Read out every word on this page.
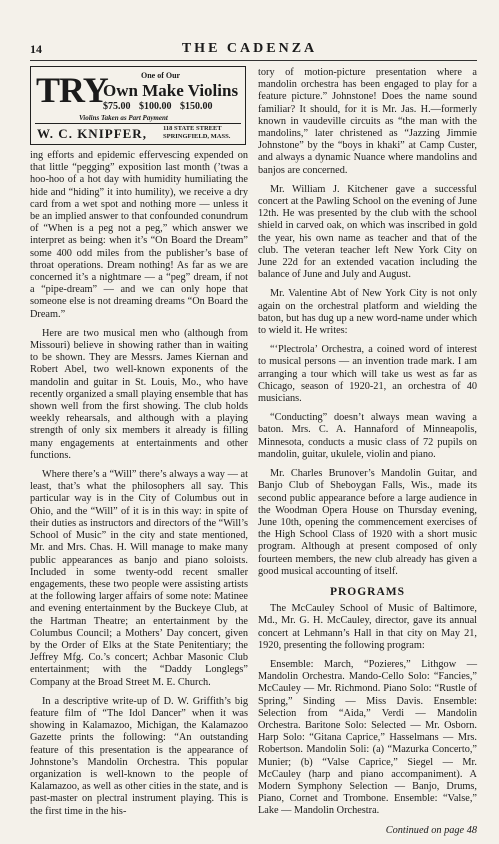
14	THE CADENZA
TRY	One of Our
Own Make Violins
$75.00 $100.00 $150.00
Violins Taken as Part Payment
W. C. KNIPFER, 118 STATE STREET
SPRINGFIELD, MASS.

ing efforts and epidemic effervescing expended on that little “pegging” exposition last month (’twas a hoo-hoo of a hot day with humidity humiliating the hide and “hiding” it into humility), we receive a dry card from a wet spot and nothing more — unless it be an implied answer to that confounded conundrum of “When is a peg not a peg,” which answer we interpret as being: when it’s “On Board the Dream” some 400 odd miles from the publisher’s base of throat operations. Dream nothing! As far as we are concerned it’s a nightmare — a “peg” dream, if not a “pipe-dream” — and we can only hope that someone else is not dreaming dreams “On Board the Dream.”

Here are two musical men who (although from Missouri) believe in showing rather than in waiting to be shown. They are Messrs. James Kiernan and Robert Abel, two well-known exponents of the mandolin and guitar in St. Louis, Mo., who have recently organized a small playing ensemble that has shown well from the first showing. The club holds weekly rehearsals, and although with a playing strength of only six members it already is filling many engagements at entertainments and other functions.

Where there’s a “Will” there’s always a way — at least, that’s what the philosophers all say. This particular way is in the City of Columbus out in Ohio, and the “Will” of it is in this way: in spite of their duties as instructors and directors of the “Will’s School of Music” in the city and state mentioned, Mr. and Mrs. Chas. H. Will manage to make many public appearances as banjo and piano soloists. Included in some twenty-odd recent smaller engagements, these two people were assisting artists at the following larger affairs of some note: Matinee and evening entertainment by the Buckeye Club, at the Hartman Theatre; an entertainment by the Columbus Council; a Mothers’ Day concert, given by the Order of Elks at the State Penitentiary; the Jeffrey Mfg. Co.’s concert; Achbar Masonic Club entertainment; with the “Daddy Longlegs” Company at the Broad Street M. E. Church.

In a descriptive write-up of D. W. Griffith’s big feature film of “The Idol Dancer” when it was showing in Kalamazoo, Michigan, the Kalamazoo Gazette prints the following: “An outstanding feature of this presentation is the appearance of Johnstone’s Mandolin Orchestra. This popular organization is well-known to the people of Kalamazoo, as well as other cities in the state, and is past-master on plectral instrument playing. This is the first time in the his-

tory of motion-picture presentation where a mandolin orchestra has been engaged to play for a feature picture.” Johnstone! Does the name sound familiar? It should, for it is Mr. Jas. H.—formerly known in vaudeville circuits as “the man with the mandolins,” later christened as “Jazzing Jimmie Johnstone” by the “boys in khaki” at Camp Custer, and always a dynamic Nuance where mandolins and banjos are concerned.

Mr. William J. Kitchener gave a successful concert at the Pawling School on the evening of June 12th. He was presented by the club with the school shield in carved oak, on which was inscribed in gold the year, his own name as teacher and that of the club. The veteran teacher left New York City on June 22d for an extended vacation including the balance of June and July and August.

Mr. Valentine Abt of New York City is not only again on the orchestral platform and wielding the baton, but has dug up a new word-name under which to wield it. He writes:

“‘Plectrola’ Orchestra, a coined word of interest to musical persons — an invention trade mark. I am arranging a tour which will take us west as far as Chicago, season of 1920-21, an orchestra of 40 musicians.

“Conducting” doesn’t always mean waving a baton. Mrs. C. A. Hannaford of Minneapolis, Minnesota, conducts a music class of 72 pupils on mandolin, guitar, ukulele, violin and piano.

Mr. Charles Brunover’s Mandolin Guitar, and Banjo Club of Sheboygan Falls, Wis., made its second public appearance before a large audience in the Woodman Opera House on Thursday evening, June 10th, opening the commencement exercises of the High School Class of 1920 with a short music program. Although at present composed of only fourteen members, the new club already has given a good musical accounting of itself.

PROGRAMS

The McCauley School of Music of Baltimore, Md., Mr. G. H. McCauley, director, gave its annual concert at Lehmann’s Hall in that city on May 21, 1920, presenting the following program:

Ensemble: March, “Pozieres,” Lithgow — Mandolin Orchestra. Mando-Cello Solo: “Fancies,” McCauley — Mr. Richmond. Piano Solo: “Rustle of Spring,” Sinding — Miss Davis. Ensemble: Selection from “Aida,” Verdi — Mandolin Orchestra. Baritone Solo: Selected — Mr. Osborn. Harp Solo: “Gitana Caprice,” Hasselmans — Mrs. Robertson. Mandolin Soli: (a) “Mazurka Concerto,” Munier; (b) “Valse Caprice,” Siegel — Mr. McCauley (harp and piano accompaniment). A Modern Symphony Selection — Banjo, Drums, Piano, Cornet and Trombone. Ensemble: “Valse,” Lake — Mandolin Orchestra.

Continued on page 48
